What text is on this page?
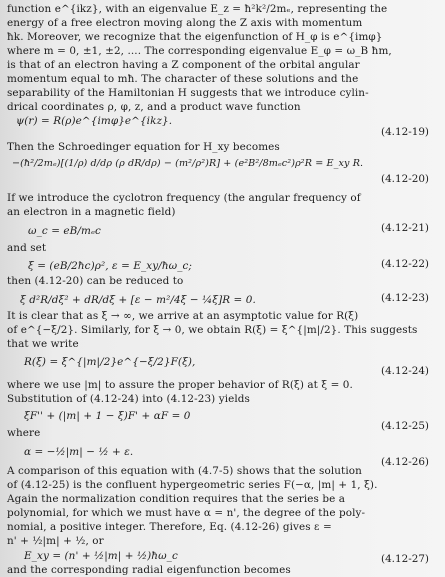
function e^{ikz}, with an eigenvalue E_z = ħ²k²/2mₑ, representing the
energy of a free electron moving along the Z axis with momentum
ħk. Moreover, we recognize that the eigenfunction of H_φ is e^{imφ}
where m = 0, ±1, ±2, .... The corresponding eigenvalue E_φ = ω_B ħm,
is that of an electron having a Z component of the orbital angular
momentum equal to mħ. The character of these solutions and the
separability of the Hamiltonian H suggests that we introduce cylin-
drical coordinates ρ, φ, z, and a product wave function
ψ(r) = R(ρ)e^{imφ}e^{ikz}.
(4.12-19)
Then the Schroedinger equation for H_xy becomes
−(ħ²/2mₑ)[(1/ρ) d/dρ (ρ dR/dρ) − (m²/ρ²)R] + (e²B²/8mₑc²)ρ²R = E_xy R.
(4.12-20)
If we introduce the cyclotron frequency (the angular frequency of
an electron in a magnetic field)
ω_c = eB/mₑc	(4.12-21)
and set
ξ = (eB/2ħc)ρ², ε = E_xy/ħω_c;	(4.12-22)
then (4.12-20) can be reduced to
ξ d²R/dξ² + dR/dξ + [ε − m²/4ξ − ¼ξ]R = 0.	(4.12-23)
It is clear that as ξ → ∞, we arrive at an asymptotic value for R(ξ)
of e^{−ξ/2}. Similarly, for ξ → 0, we obtain R(ξ) = ξ^{|m|/2}. This suggests
that we write
R(ξ) = ξ^{|m|/2}e^{−ξ/2}F(ξ),
(4.12-24)
where we use |m| to assure the proper behavior of R(ξ) at ξ = 0.
Substitution of (4.12-24) into (4.12-23) yields
ξF'' + (|m| + 1 − ξ)F' + αF = 0
(4.12-25)
where
α = −½|m| − ½ + ε.
(4.12-26)
A comparison of this equation with (4.7-5) shows that the solution
of (4.12-25) is the confluent hypergeometric series F(−α, |m| + 1, ξ).
Again the normalization condition requires that the series be a
polynomial, for which we must have α = n', the degree of the poly-
nomial, a positive integer. Therefore, Eq. (4.12-26) gives ε =
n' + ½|m| + ½, or
E_xy = (n' + ½|m| + ½)ħω_c	(4.12-27)
and the corresponding radial eigenfunction becomes
